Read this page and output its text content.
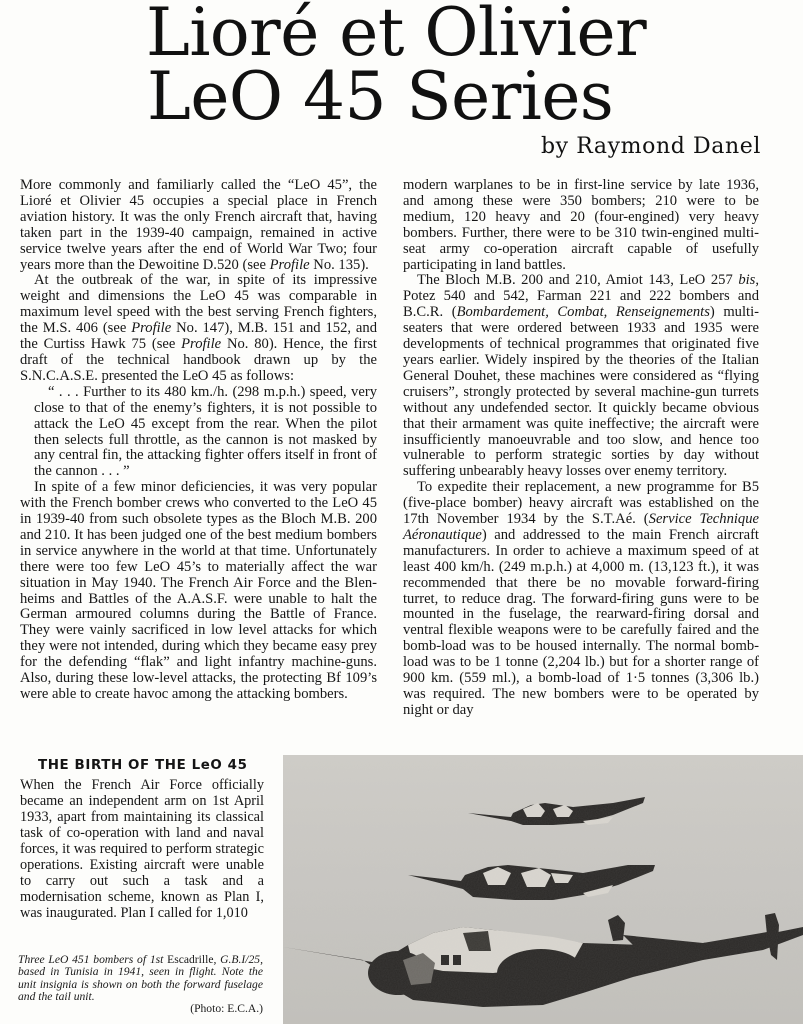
Lioré et Olivier
LeO 45 Series
by Raymond Danel

More commonly and familiarly called the “LeO 45”, the Lioré et Olivier 45 occupies a special place in French aviation history. It was the only French aircraft that, having taken part in the 1939-40 campaign, remained in active service twelve years after the end of World War Two; four years more than the Dewoitine D.520 (see Profile No. 135).

At the outbreak of the war, in spite of its impressive weight and dimensions the LeO 45 was comparable in maximum level speed with the best serving French fighters, the M.S. 406 (see Profile No. 147), M.B. 151 and 152, and the Curtiss Hawk 75 (see Profile No. 80). Hence, the first draft of the technical handbook drawn up by the S.N.C.A.S.E. presented the LeO 45 as follows:

“ . . . Further to its 480 km./h. (298 m.p.h.) speed, very close to that of the enemy’s fighters, it is not possible to attack the LeO 45 except from the rear. When the pilot then selects full throttle, as the cannon is not masked by any central fin, the attacking fighter offers itself in front of the cannon . . . ”

In spite of a few minor deficiencies, it was very popular with the French bomber crews who converted to the LeO 45 in 1939-40 from such obsolete types as the Bloch M.B. 200 and 210. It has been judged one of the best medium bombers in service anywhere in the world at that time. Unfortunately there were too few LeO 45’s to materially affect the war situation in May 1940. The French Air Force and the Blenheims and Battles of the A.A.S.F. were unable to halt the German armoured columns during the Battle of France. They were vainly sacrificed in low level attacks for which they were not intended, during which they became easy prey for the defending “flak” and light infantry machine-guns. Also, during these low-level attacks, the protecting Bf 109’s were able to create havoc among the attacking bombers.

THE BIRTH OF THE LeO 45

When the French Air Force officially became an independent arm on 1st April 1933, apart from maintaining its classical task of co-operation with land and naval forces, it was required to perform strategic operations. Existing aircraft were unable to carry out such a task and a modernisation scheme, known as Plan I, was inaugurated. Plan I called for 1,010

modern warplanes to be in first-line service by late 1936, and among these were 350 bombers; 210 were to be medium, 120 heavy and 20 (four-engined) very heavy bombers. Further, there were to be 310 twin-engined multi-seat army co-operation aircraft capable of usefully participating in land battles.

The Bloch M.B. 200 and 210, Amiot 143, LeO 257 bis, Potez 540 and 542, Farman 221 and 222 bombers and B.C.R. (Bombardement, Combat, Renseignements) multi-seaters that were ordered between 1933 and 1935 were developments of technical programmes that originated five years earlier. Widely inspired by the theories of the Italian General Douhet, these machines were considered as “flying cruisers”, strongly protected by several machine-gun turrets without any undefended sector. It quickly became obvious that their armament was quite ineffective; the aircraft were insufficiently manoeuvrable and too slow, and hence too vulnerable to perform strategic sorties by day without suffering unbearably heavy losses over enemy territory.

To expedite their replacement, a new programme for B5 (five-place bomber) heavy aircraft was established on the 17th November 1934 by the S.T.Aé. (Service Technique Aéronautique) and addressed to the main French aircraft manufacturers. In order to achieve a maximum speed of at least 400 km/h. (249 m.p.h.) at 4,000 m. (13,123 ft.), it was recommended that there be no movable forward-firing turret, to reduce drag. The forward-firing guns were to be mounted in the fuselage, the rearward-firing dorsal and ventral flexible weapons were to be carefully faired and the bomb-load was to be housed internally. The normal bomb-load was to be 1 tonne (2,204 lb.) but for a shorter range of 900 km. (559 ml.), a bomb-load of 1·5 tonnes (3,306 lb.) was required. The new bombers were to be operated by night or day

Three LeO 451 bombers of 1st Escadrille, G.B.I/25, based in Tunisia in 1941, seen in flight. Note the unit insignia is shown on both the forward fuselage and the tail unit.
(Photo: E.C.A.)
